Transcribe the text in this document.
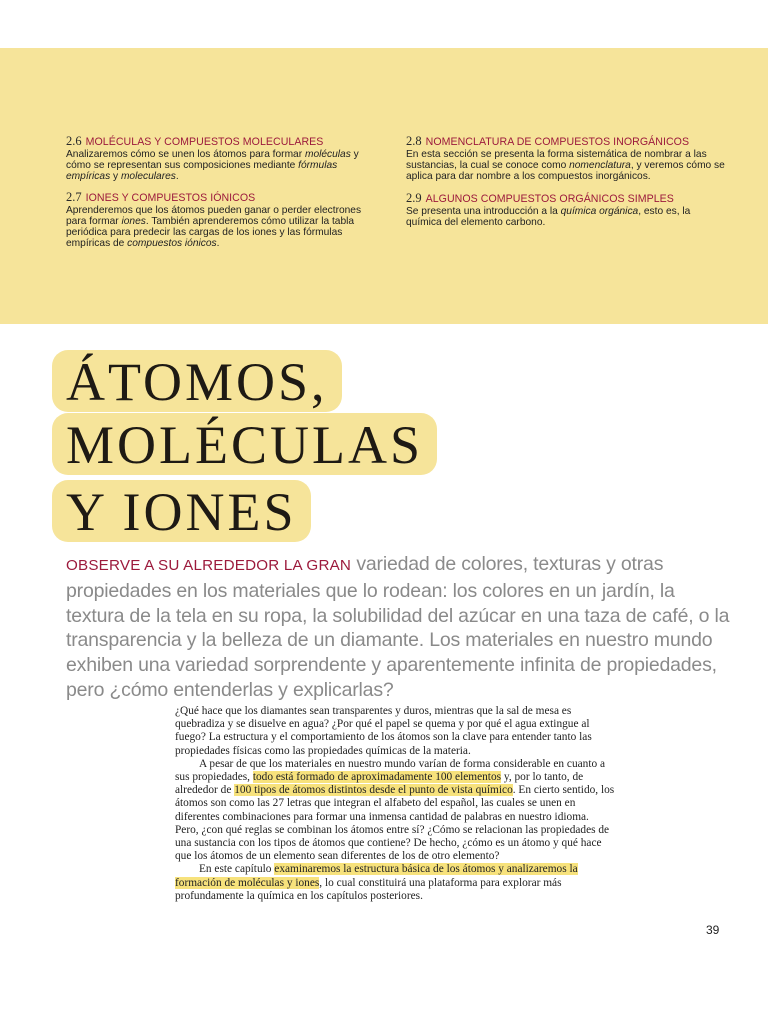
2.6 MOLÉCULAS Y COMPUESTOS MOLECULARES
Analizaremos cómo se unen los átomos para formar moléculas y cómo se representan sus composiciones mediante fórmulas empíricas y moleculares.
2.7 IONES Y COMPUESTOS IÓNICOS
Aprenderemos que los átomos pueden ganar o perder electrones para formar iones. También aprenderemos cómo utilizar la tabla periódica para predecir las cargas de los iones y las fórmulas empíricas de compuestos iónicos.
2.8 NOMENCLATURA DE COMPUESTOS INORGÁNICOS
En esta sección se presenta la forma sistemática de nombrar a las sustancias, la cual se conoce como nomenclatura, y veremos cómo se aplica para dar nombre a los compuestos inorgánicos.
2.9 ALGUNOS COMPUESTOS ORGÁNICOS SIMPLES
Se presenta una introducción a la química orgánica, esto es, la química del elemento carbono.
ÁTOMOS,
MOLÉCULAS
Y IONES
OBSERVE A SU ALREDEDOR LA GRAN variedad de colores, texturas y otras propiedades en los materiales que lo rodean: los colores en un jardín, la textura de la tela en su ropa, la solubilidad del azúcar en una taza de café, o la transparencia y la belleza de un diamante. Los materiales en nuestro mundo exhiben una variedad sorprendente y aparentemente infinita de propiedades, pero ¿cómo entenderlas y explicarlas?

¿Qué hace que los diamantes sean transparentes y duros, mientras que la sal de mesa es quebradiza y se disuelve en agua? ¿Por qué el papel se quema y por qué el agua extingue al fuego? La estructura y el comportamiento de los átomos son la clave para entender tanto las propiedades físicas como las propiedades químicas de la materia.

A pesar de que los materiales en nuestro mundo varían de forma considerable en cuanto a sus propiedades, todo está formado de aproximadamente 100 elementos y, por lo tanto, de alrededor de 100 tipos de átomos distintos desde el punto de vista químico. En cierto sentido, los átomos son como las 27 letras que integran el alfabeto del español, las cuales se unen en diferentes combinaciones para formar una inmensa cantidad de palabras en nuestro idioma. Pero, ¿con qué reglas se combinan los átomos entre sí? ¿Cómo se relacionan las propiedades de una sustancia con los tipos de átomos que contiene? De hecho, ¿cómo es un átomo y qué hace que los átomos de un elemento sean diferentes de los de otro elemento?

En este capítulo examinaremos la estructura básica de los átomos y analizaremos la formación de moléculas y iones, lo cual constituirá una plataforma para explorar más profundamente la química en los capítulos posteriores.

39
